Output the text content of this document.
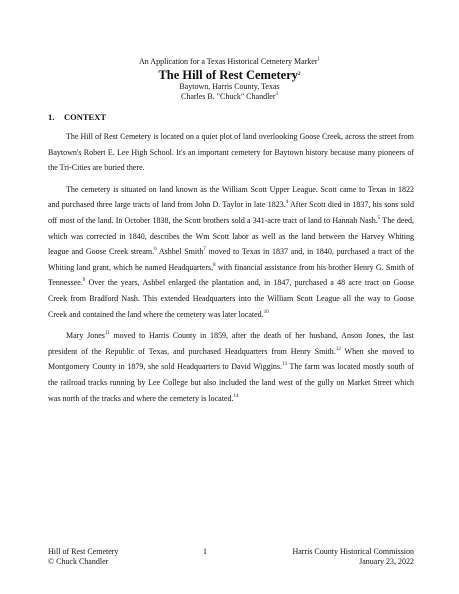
An Application for a Texas Historical Cemetery Marker$^1$
The Hill of Rest Cemetery$^2$
Baytown, Harris County, Texas
Charles B. "Chuck" Chandler$^3$
1. CONTEXT

The Hill of Rest Cemetery is located on a quiet plot of land overlooking Goose Creek, across the street from Baytown's Robert E. Lee High School. It's an important cemetery for Baytown history because many pioneers of the Tri-Cities are buried there.

The cemetery is situated on land known as the William Scott Upper League. Scott came to Texas in 1822 and purchased three large tracts of land from John D. Taylor in late 1823.$^4$ After Scott died in 1837, his sons sold off most of the land. In October 1838, the Scott brothers sold a 341-acre tract of land to Hannah Nash.$^5$ The deed, which was corrected in 1840, describes the Wm Scott labor as well as the land between the Harvey Whiting league and Goose Creek stream.$^6$ Ashbel Smith$^7$ moved to Texas in 1837 and, in 1840, purchased a tract of the Whiting land grant, which he named Headquarters,$^8$ with financial assistance from his brother Henry G. Smith of Tennessee.$^9$ Over the years, Ashbel enlarged the plantation and, in 1847, purchased a 48 acre tract on Goose Creek from Bradford Nash. This extended Headquarters into the William Scott League all the way to Goose Creek and contained the land where the cemetery was later located.$^{10}$

Mary Jones$^{11}$ moved to Harris County in 1859, after the death of her husband, Anson Jones, the last president of the Republic of Texas, and purchased Headquarters from Henry Smith.$^{12}$ When she moved to Montgomery County in 1879, she sold Headquarters to David Wiggins.$^{13}$ The farm was located mostly south of the railroad tracks running by Lee College but also included the land west of the gully on Market Street which was north of the tracks and where the cemetery is located.$^{14}$

Hill of Rest Cemetery
© Chuck Chandler
1	Harris County Historical Commission
January 23, 2022
